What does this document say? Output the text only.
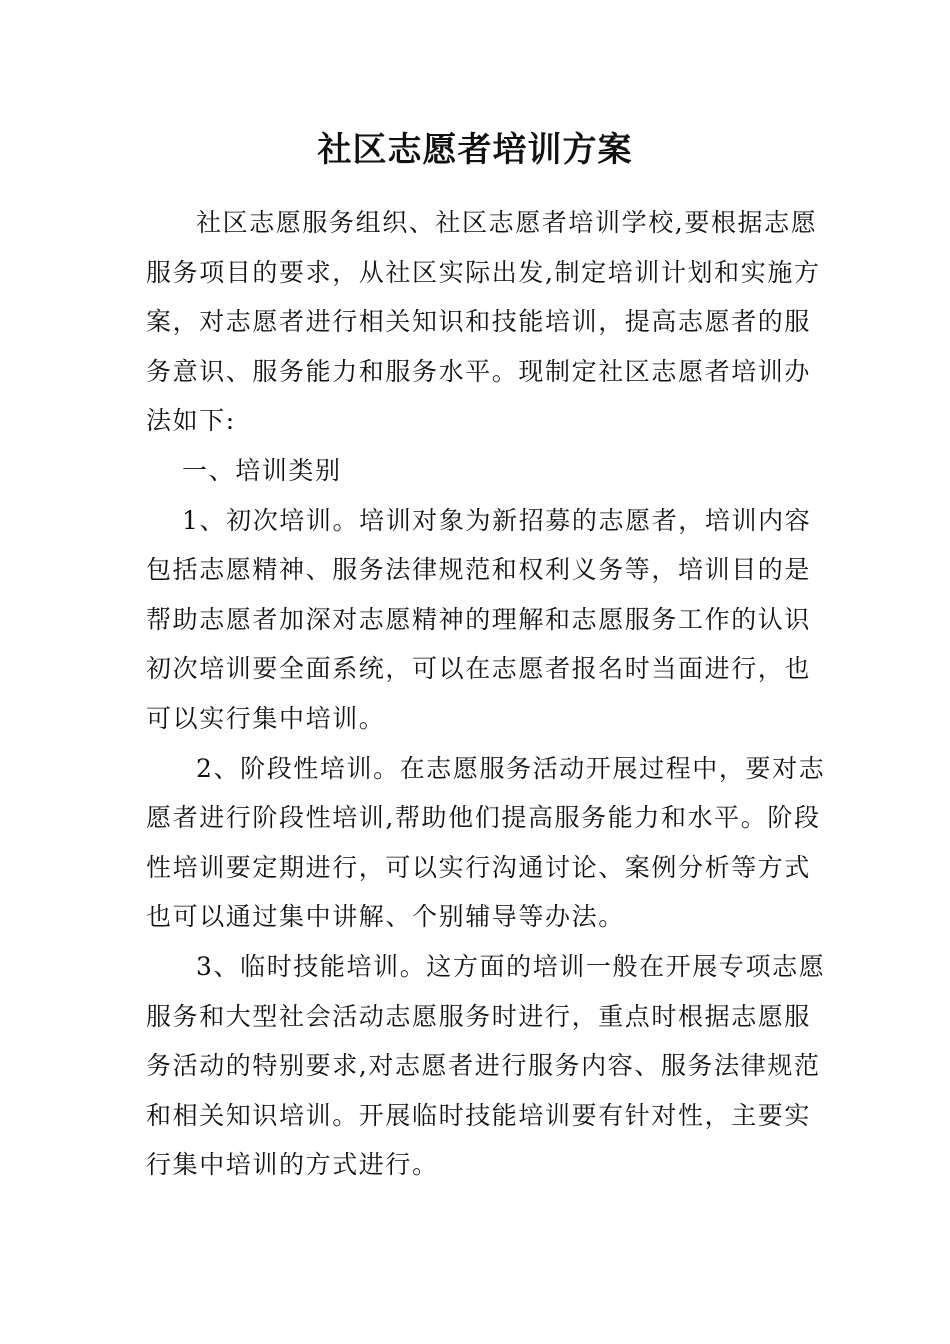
社区志愿者培训方案

社区志愿服务组织、社区志愿者培训学校,要根据志愿
服务项目的要求，从社区实际出发,制定培训计划和实施方
案，对志愿者进行相关知识和技能培训，提高志愿者的服
务意识、服务能力和服务水平。现制定社区志愿者培训办
法如下:

一、培训类别

1、初次培训。培训对象为新招募的志愿者，培训内容
包括志愿精神、服务法律规范和权利义务等，培训目的是
帮助志愿者加深对志愿精神的理解和志愿服务工作的认识
初次培训要全面系统，可以在志愿者报名时当面进行，也
可以实行集中培训。

2、阶段性培训。在志愿服务活动开展过程中，要对志
愿者进行阶段性培训,帮助他们提高服务能力和水平。阶段
性培训要定期进行，可以实行沟通讨论、案例分析等方式
也可以通过集中讲解、个别辅导等办法。

3、临时技能培训。这方面的培训一般在开展专项志愿
服务和大型社会活动志愿服务时进行，重点时根据志愿服
务活动的特别要求,对志愿者进行服务内容、服务法律规范
和相关知识培训。开展临时技能培训要有针对性，主要实
行集中培训的方式进行。
